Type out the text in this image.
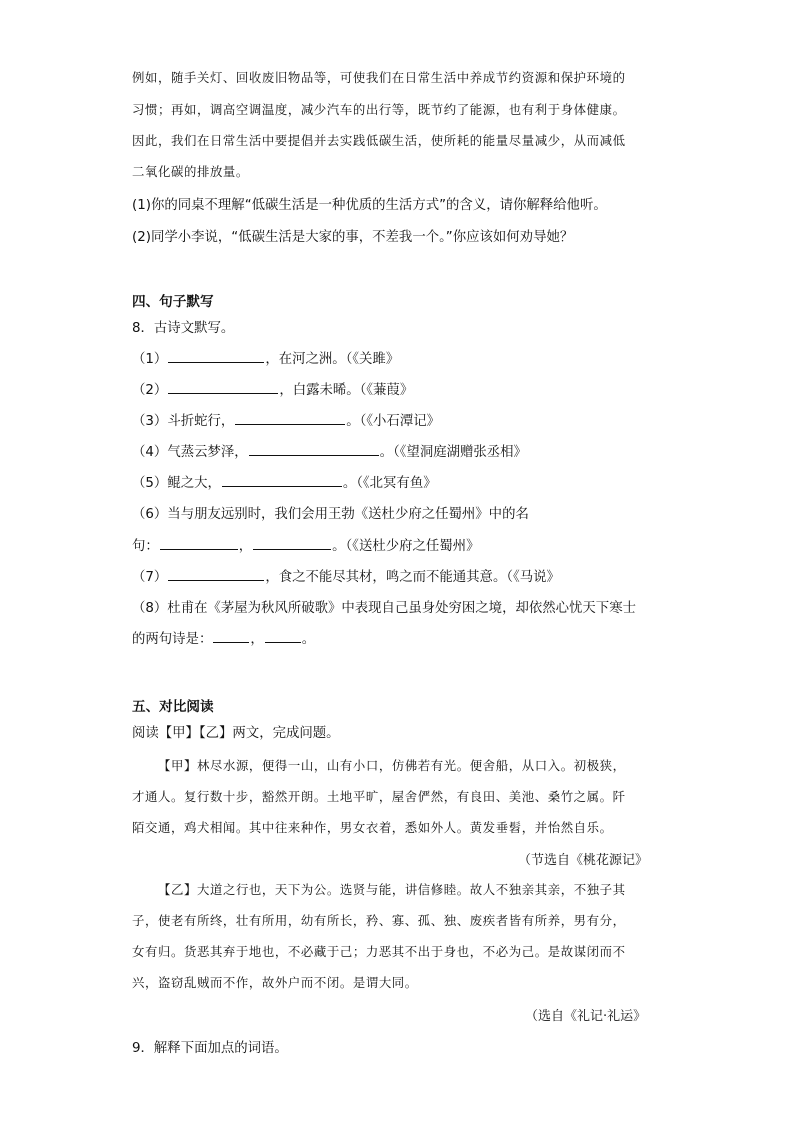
例如，随手关灯、回收废旧物品等，可使我们在日常生活中养成节约资源和保护环境的
习惯；再如，调高空调温度，减少汽车的出行等，既节约了能源，也有利于身体健康。
因此，我们在日常生活中要提倡并去实践低碳生活，使所耗的能量尽量减少，从而减低
二氧化碳的排放量。
(1)你的同桌不理解“低碳生活是一种优质的生活方式”的含义，请你解释给他听。
(2)同学小李说，“低碳生活是大家的事，不差我一个。”你应该如何劝导她？
四、句子默写
8．古诗文默写。
（1）	，在河之洲。（《关雎》
（2）	，白露未晞。（《蒹葭》
（3）斗折蛇行，	。（《小石潭记》
（4）气蒸云梦泽，	。（《望洞庭湖赠张丞相》
（5）鲲之大，	。（《北冥有鱼》
（6）当与朋友远别时，我们会用王勃《送杜少府之任蜀州》中的名
句：	，	。（《送杜少府之任蜀州》
（7）	，食之不能尽其材，鸣之而不能通其意。（《马说》
（8）杜甫在《茅屋为秋风所破歌》中表现自己虽身处穷困之境，却依然心忧天下寒士
的两句诗是：	，	。
五、对比阅读
阅读【甲】【乙】两文，完成问题。
【甲】林尽水源，便得一山，山有小口，仿佛若有光。便舍船，从口入。初极狭，
才通人。复行数十步，豁然开朗。土地平旷，屋舍俨然，有良田、美池、桑竹之属。阡
陌交通，鸡犬相闻。其中往来种作，男女衣着，悉如外人。黄发垂髫，并怡然自乐。
（节选自《桃花源记》
【乙】大道之行也，天下为公。选贤与能，讲信修睦。故人不独亲其亲，不独子其
子，使老有所终，壮有所用，幼有所长，矜、寡、孤、独、废疾者皆有所养，男有分，
女有归。货恶其弃于地也，不必藏于己；力恶其不出于身也，不必为己。是故谋闭而不
兴，盗窃乱贼而不作，故外户而不闭。是谓大同。
（选自《礼记·礼运》
9．解释下面加点的词语。
